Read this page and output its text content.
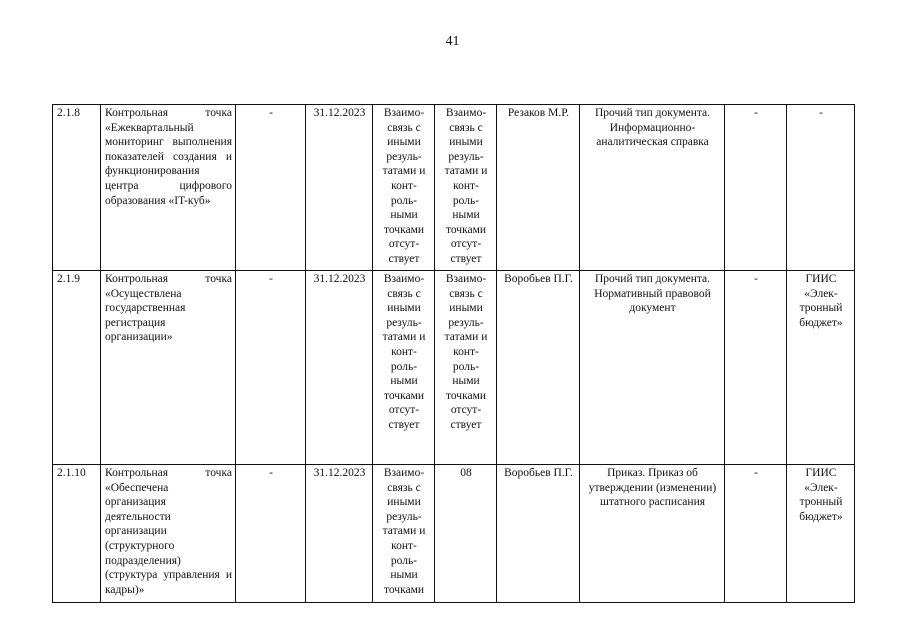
41
2.1.8	Контрольная точка «Ежеквартальный мониторинг выполнения показателей создания и функционирования центра цифрового образования «IT-куб»	-	31.12.2023	Взаимо- связь с иными резуль- татами и конт- роль- ными точками отсут- ствует	Взаимо- связь с иными резуль- татами и конт- роль- ными точками отсут- ствует	Резаков М.Р.	Прочий тип документа. Информационно- аналитическая справка	-	-
2.1.9	Контрольная точка «Осуществлена государственная регистрация организации»	-	31.12.2023	Взаимо- связь с иными резуль- татами и конт- роль- ными точками отсут- ствует	Взаимо- связь с иными резуль- татами и конт- роль- ными точками отсут- ствует	Воробьев П.Г.	Прочий тип документа. Нормативный правовой документ	-	ГИИС «Элек- тронный бюджет»
2.1.10	Контрольная точка «Обеспечена организация деятельности организации (структурного подразделения) (структура управления и кадры)»	-	31.12.2023	Взаимо- связь с иными резуль- татами и конт- роль- ными точками	08	Воробьев П.Г.	Приказ. Приказ об утверждении (изменении) штатного расписания	-	ГИИС «Элек- тронный бюджет»
